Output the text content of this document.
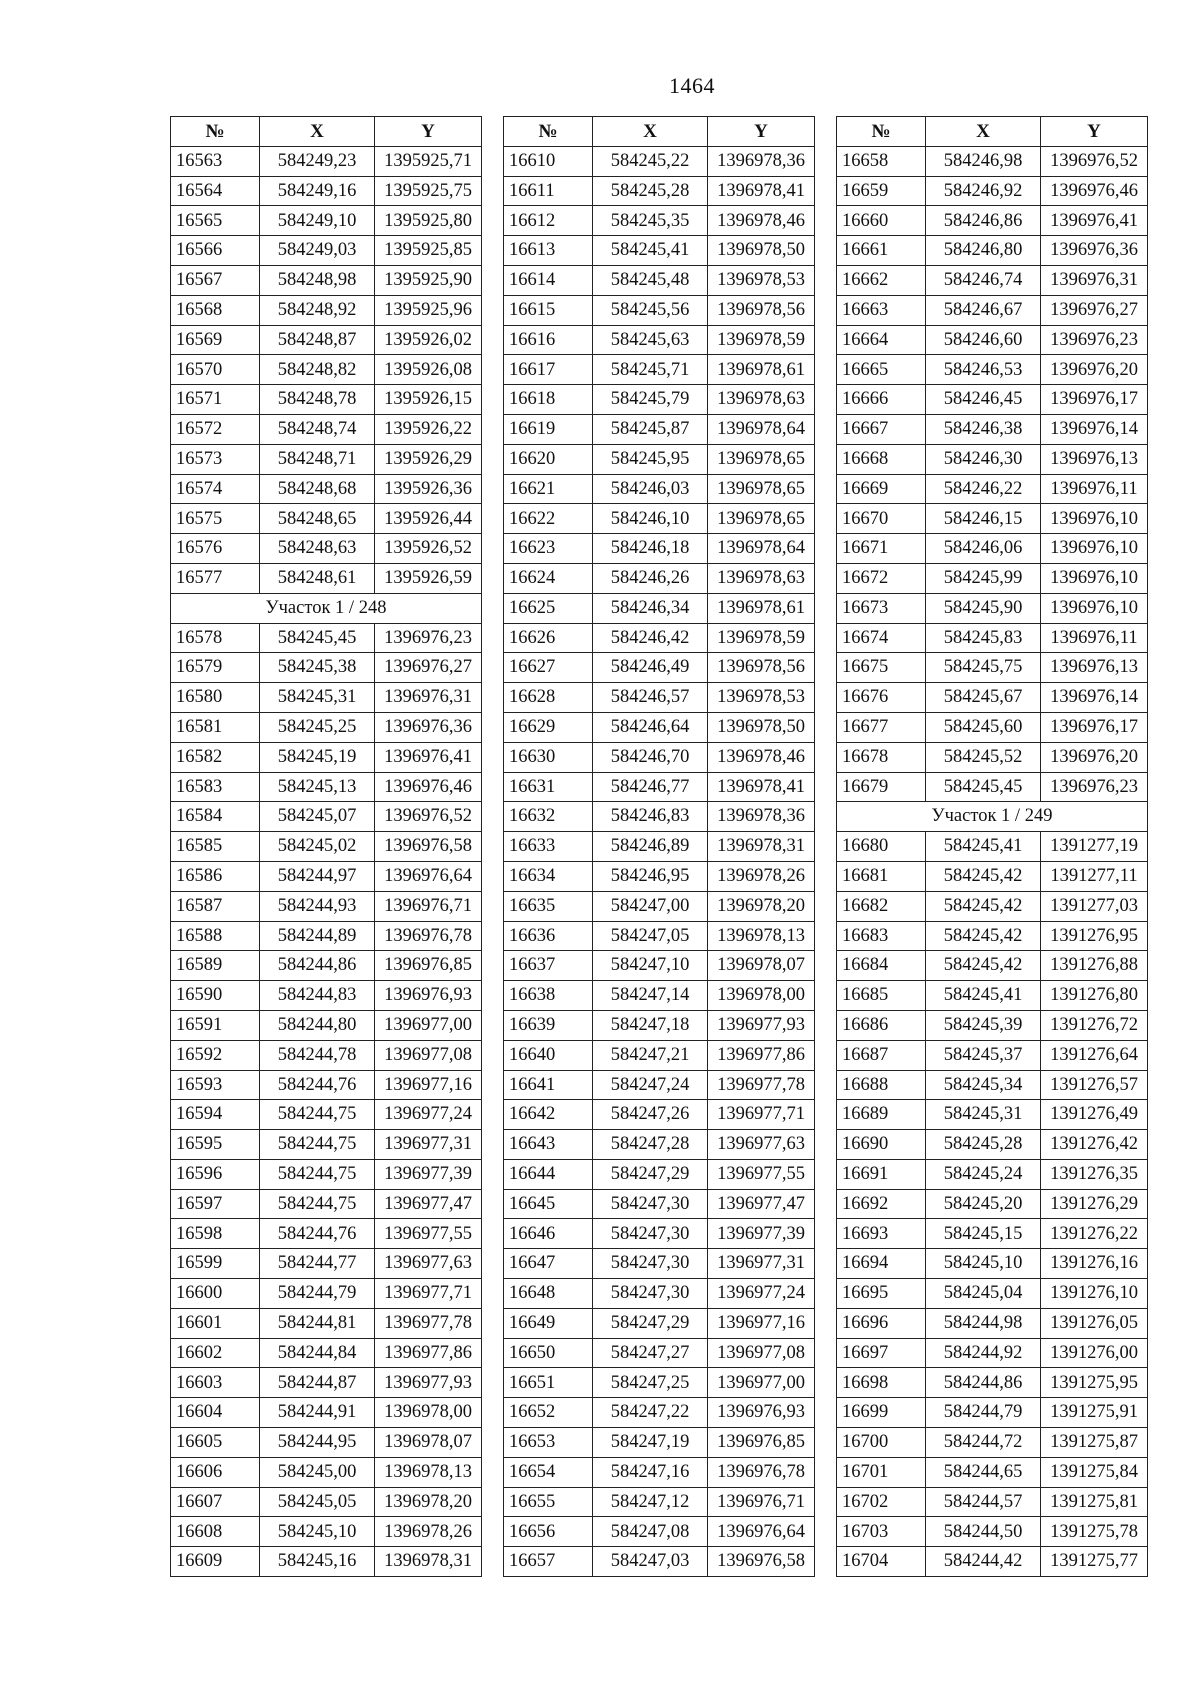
1464
№	X	Y
16563	584249,23	1395925,71
16564	584249,16	1395925,75
16565	584249,10	1395925,80
16566	584249,03	1395925,85
16567	584248,98	1395925,90
16568	584248,92	1395925,96
16569	584248,87	1395926,02
16570	584248,82	1395926,08
16571	584248,78	1395926,15
16572	584248,74	1395926,22
16573	584248,71	1395926,29
16574	584248,68	1395926,36
16575	584248,65	1395926,44
16576	584248,63	1395926,52
16577	584248,61	1395926,59
Участок 1 / 248		
16578	584245,45	1396976,23
16579	584245,38	1396976,27
16580	584245,31	1396976,31
16581	584245,25	1396976,36
16582	584245,19	1396976,41
16583	584245,13	1396976,46
16584	584245,07	1396976,52
16585	584245,02	1396976,58
16586	584244,97	1396976,64
16587	584244,93	1396976,71
16588	584244,89	1396976,78
16589	584244,86	1396976,85
16590	584244,83	1396976,93
16591	584244,80	1396977,00
16592	584244,78	1396977,08
16593	584244,76	1396977,16
16594	584244,75	1396977,24
16595	584244,75	1396977,31
16596	584244,75	1396977,39
16597	584244,75	1396977,47
16598	584244,76	1396977,55
16599	584244,77	1396977,63
16600	584244,79	1396977,71
16601	584244,81	1396977,78
16602	584244,84	1396977,86
16603	584244,87	1396977,93
16604	584244,91	1396978,00
16605	584244,95	1396978,07
16606	584245,00	1396978,13
16607	584245,05	1396978,20
16608	584245,10	1396978,26
16609	584245,16	1396978,31
№	X	Y
16610	584245,22	1396978,36
16611	584245,28	1396978,41
16612	584245,35	1396978,46
16613	584245,41	1396978,50
16614	584245,48	1396978,53
16615	584245,56	1396978,56
16616	584245,63	1396978,59
16617	584245,71	1396978,61
16618	584245,79	1396978,63
16619	584245,87	1396978,64
16620	584245,95	1396978,65
16621	584246,03	1396978,65
16622	584246,10	1396978,65
16623	584246,18	1396978,64
16624	584246,26	1396978,63
16625	584246,34	1396978,61
16626	584246,42	1396978,59
16627	584246,49	1396978,56
16628	584246,57	1396978,53
16629	584246,64	1396978,50
16630	584246,70	1396978,46
16631	584246,77	1396978,41
16632	584246,83	1396978,36
16633	584246,89	1396978,31
16634	584246,95	1396978,26
16635	584247,00	1396978,20
16636	584247,05	1396978,13
16637	584247,10	1396978,07
16638	584247,14	1396978,00
16639	584247,18	1396977,93
16640	584247,21	1396977,86
16641	584247,24	1396977,78
16642	584247,26	1396977,71
16643	584247,28	1396977,63
16644	584247,29	1396977,55
16645	584247,30	1396977,47
16646	584247,30	1396977,39
16647	584247,30	1396977,31
16648	584247,30	1396977,24
16649	584247,29	1396977,16
16650	584247,27	1396977,08
16651	584247,25	1396977,00
16652	584247,22	1396976,93
16653	584247,19	1396976,85
16654	584247,16	1396976,78
16655	584247,12	1396976,71
16656	584247,08	1396976,64
16657	584247,03	1396976,58
№	X	Y
16658	584246,98	1396976,52
16659	584246,92	1396976,46
16660	584246,86	1396976,41
16661	584246,80	1396976,36
16662	584246,74	1396976,31
16663	584246,67	1396976,27
16664	584246,60	1396976,23
16665	584246,53	1396976,20
16666	584246,45	1396976,17
16667	584246,38	1396976,14
16668	584246,30	1396976,13
16669	584246,22	1396976,11
16670	584246,15	1396976,10
16671	584246,06	1396976,10
16672	584245,99	1396976,10
16673	584245,90	1396976,10
16674	584245,83	1396976,11
16675	584245,75	1396976,13
16676	584245,67	1396976,14
16677	584245,60	1396976,17
16678	584245,52	1396976,20
16679	584245,45	1396976,23
Участок 1 / 249		
16680	584245,41	1391277,19
16681	584245,42	1391277,11
16682	584245,42	1391277,03
16683	584245,42	1391276,95
16684	584245,42	1391276,88
16685	584245,41	1391276,80
16686	584245,39	1391276,72
16687	584245,37	1391276,64
16688	584245,34	1391276,57
16689	584245,31	1391276,49
16690	584245,28	1391276,42
16691	584245,24	1391276,35
16692	584245,20	1391276,29
16693	584245,15	1391276,22
16694	584245,10	1391276,16
16695	584245,04	1391276,10
16696	584244,98	1391276,05
16697	584244,92	1391276,00
16698	584244,86	1391275,95
16699	584244,79	1391275,91
16700	584244,72	1391275,87
16701	584244,65	1391275,84
16702	584244,57	1391275,81
16703	584244,50	1391275,78
16704	584244,42	1391275,77
